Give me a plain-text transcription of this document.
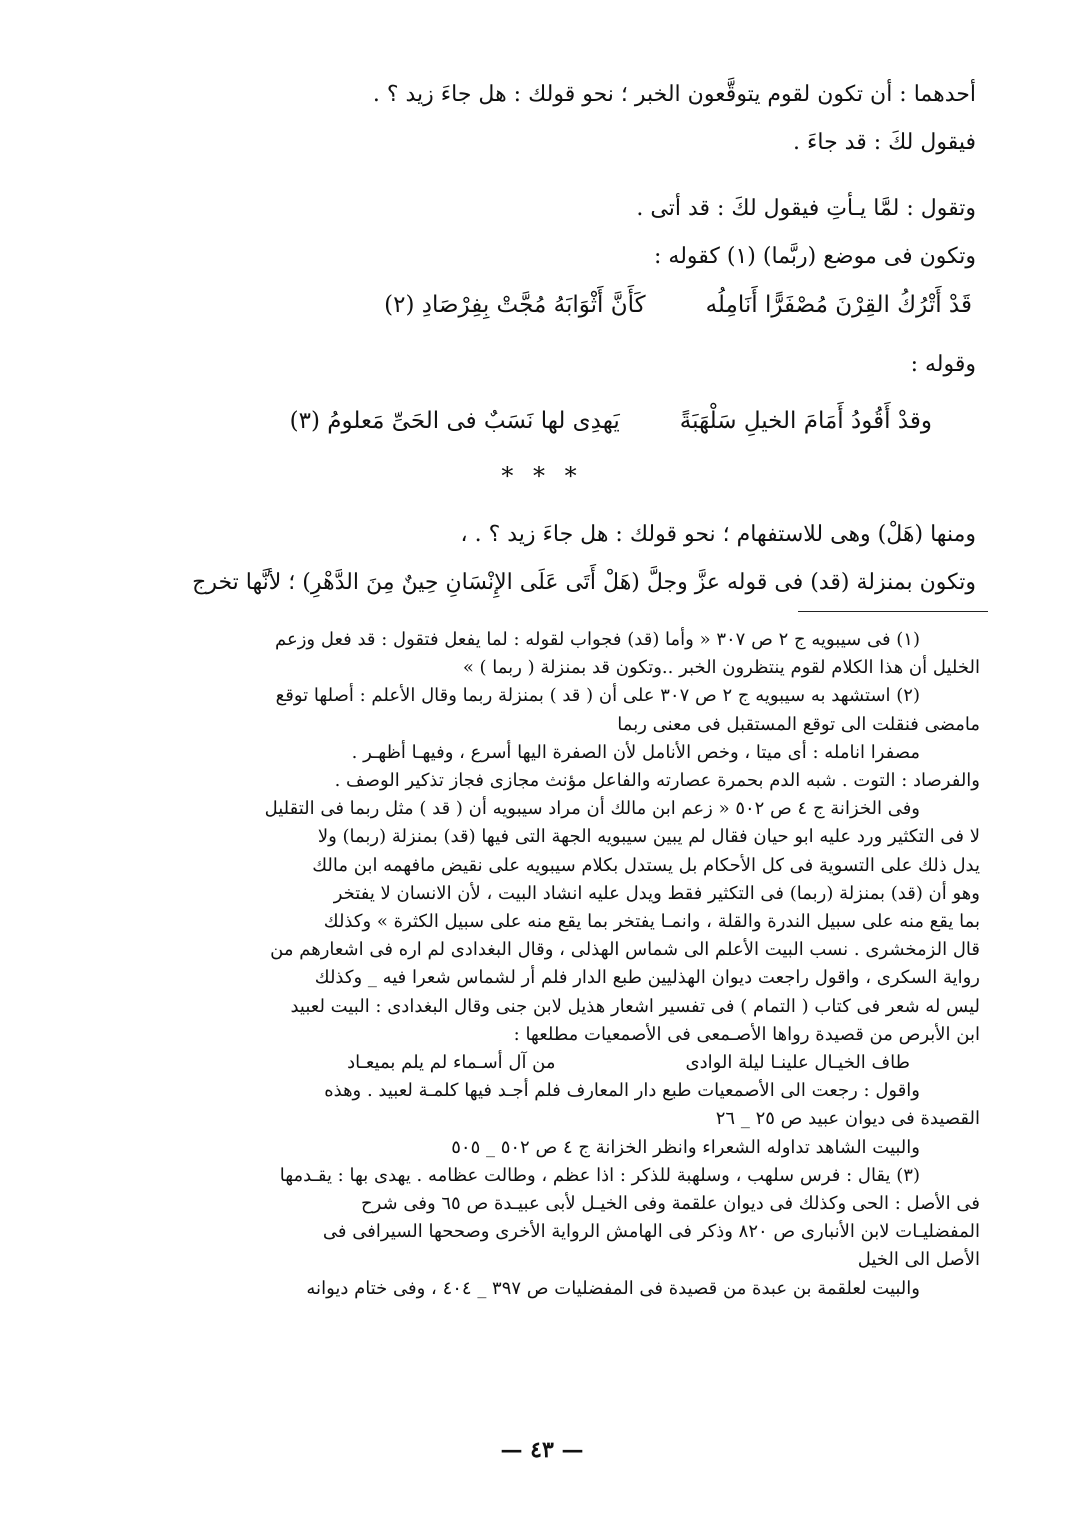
أحدهما : أن تكون لقوم يتوقَّعون الخبر ؛ نحو قولك : هل جاءَ زيد ؟ .
فيقول لكَ : قد جاءَ .
وتقول : لمَّا يـأتِ فيقول لكَ : قد أتى .
وتكون فى موضع (ربَّما) (١) كقوله :
قَدْ أَتْرُكُ القِرْنَ مُصْفَرًّا أَنَامِلُه
كَأَنَّ أَثْوَابَهُ مُجَّتْ بِفِرْصَادِ (٢)
وقوله :
وقدْ أَقُودُ أَمَامَ الخيلِ سَلْهَبَةً
يَهدِى لها نَسَبٌ فى الحَىِّ مَعلومُ (٣)
* * *
ومنها (هَلْ) وهى للاستفهام ؛ نحو قولك : هل جاءَ زيد ؟ . ،
وتكون بمنزلة (قد) فى قوله عزَّ وجلَّ (هَلْ أَتَى عَلَى الإِنْسَانِ حِينٌ مِنَ الدَّهْرِ) ؛ لأنَّها تخرج

(١) فى سيبويه ج ٢ ص ٣٠٧ « وأما (قد) فجواب لقوله : لما يفعل فتقول : قد فعل وزعم

الخليل أن هذا الكلام لقوم ينتظرون الخبر ..وتكون قد بمنزلة ( ربما ) »

(٢) استشهد به سيبويه ج ٢ ص ٣٠٧ على أن ( قد ) بمنزلة ربما وقال الأعلم : أصلها توقع

مامضى فنقلت الى توقع المستقبل فى معنى ربما

مصفرا انامله : أى ميتا ، وخص الأنامل لأن الصفرة اليها أسرع ، وفيهـا أظهـر .

والفرصاد : التوت . شبه الدم بحمرة عصارته والفاعل مؤنث مجازى فجاز تذكير الوصف .

وفى الخزانة ج ٤ ص ٥٠٢ « زعم ابن مالك أن مراد سيبويه أن ( قد ) مثل ربما فى التقليل

لا فى التكثير ورد عليه ابو حيان فقال لم يبين سيبويه الجهة التى فيها (قد) بمنزلة (ربما) ولا

يدل ذلك على التسوية فى كل الأحكام بل يستدل بكلام سيبويه على نقيض مافهمه ابن مالك

وهو أن (قد) بمنزلة (ربما) فى التكثير فقط ويدل عليه انشاد البيت ، لأن الانسان لا يفتخر

بما يقع منه على سبيل الندرة والقلة ، وانمـا يفتخر بما يقع منه على سبيل الكثرة » وكذلك

قال الزمخشرى . نسب البيت الأعلم الى شماس الهذلى ، وقال البغدادى لم اره فى اشعارهم من

رواية السكرى ، واقول راجعت ديوان الهذليين طبع الدار فلم أر لشماس شعرا فيه _ وكذلك

ليس له شعر فى كتاب ( التمام ) فى تفسير اشعار هذيل لابن جنى وقال البغدادى : البيت لعبيد

ابن الأبرص من قصيدة رواها الأصـمعى فى الأصمعيات مطلعها :

طاف الخيـال علينـا ليلة الوادى
من آل أسـماء لم يلم بميعـاد

واقول : رجعت الى الأصمعيات طبع دار المعارف فلم أجـد فيها كلمـة لعبيد . وهذه

القصيدة فى ديوان عبيد ص ٢٥ _ ٢٦

والبيت الشاهد تداوله الشعراء وانظر الخزانة ج ٤ ص ٥٠٢ _ ٥٠٥

(٣) يقال : فرس سلهب ، وسلهبة للذكر : اذا عظم ، وطالت عظامه . يهدى بها : يقـدمها

فى الأصل : الحى وكذلك فى ديوان علقمة وفى الخيـل لأبى عبيـدة ص ٦٥ وفى شرح

المفضليـات لابن الأنبارى ص ٨٢٠ وذكر فى الهامش الرواية الأخرى وصححها السيرافى فى

الأصل الى الخيل

والبيت لعلقمة بن عبدة من قصيدة فى المفضليات ص ٣٩٧ _ ٤٠٤ ، وفى ختام ديوانه

— ٤٣ —
